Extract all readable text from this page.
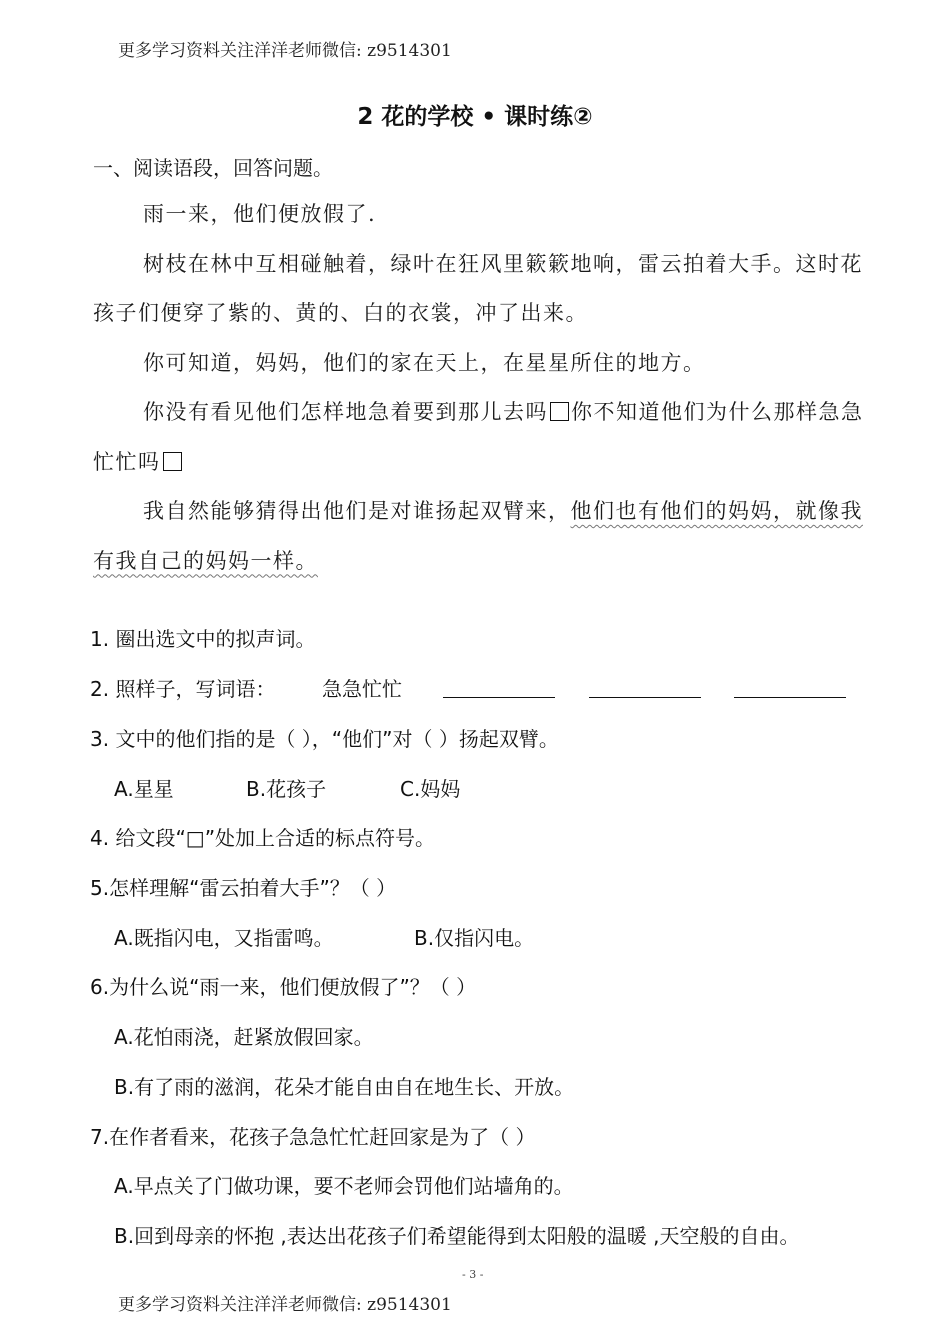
更多学习资料关注洋洋老师微信: z9514301
2 花的学校 • 课时练②
一、阅读语段，回答问题。

雨一来，他们便放假了.

树枝在林中互相碰触着，绿叶在狂风里簌簌地响，雷云拍着大手。这时花孩子们便穿了紫的、黄的、白的衣裳，冲了出来。

你可知道，妈妈，他们的家在天上，在星星所住的地方。

你没有看见他们怎样地急着要到那儿去吗 你不知道他们为什么那样急急忙忙吗

我自然能够猜得出他们是对谁扬起双臂来，他们也有他们的妈妈，就像我有我自己的妈妈一样。

1. 圈出选文中的拟声词。
2. 照样子，写词语： 急急忙忙
3. 文中的他们指的是（ ），“他们”对（ ）扬起双臂。
A.星星	B.花孩子	C.妈妈
4. 给文段“□”处加上合适的标点符号。
5.怎样理解“雷云拍着大手”？（ ）
A.既指闪电，又指雷鸣。	B.仅指闪电。
6.为什么说“雨一来，他们便放假了”？（ ）
A.花怕雨浇，赶紧放假回家。
B.有了雨的滋润，花朵才能自由自在地生长、开放。
7.在作者看来，花孩子急急忙忙赶回家是为了（ ）
A.早点关了门做功课，要不老师会罚他们站墙角的。
B.回到母亲的怀抱 ,表达出花孩子们希望能得到太阳般的温暖 ,天空般的自由。
- 3 -
更多学习资料关注洋洋老师微信: z9514301
